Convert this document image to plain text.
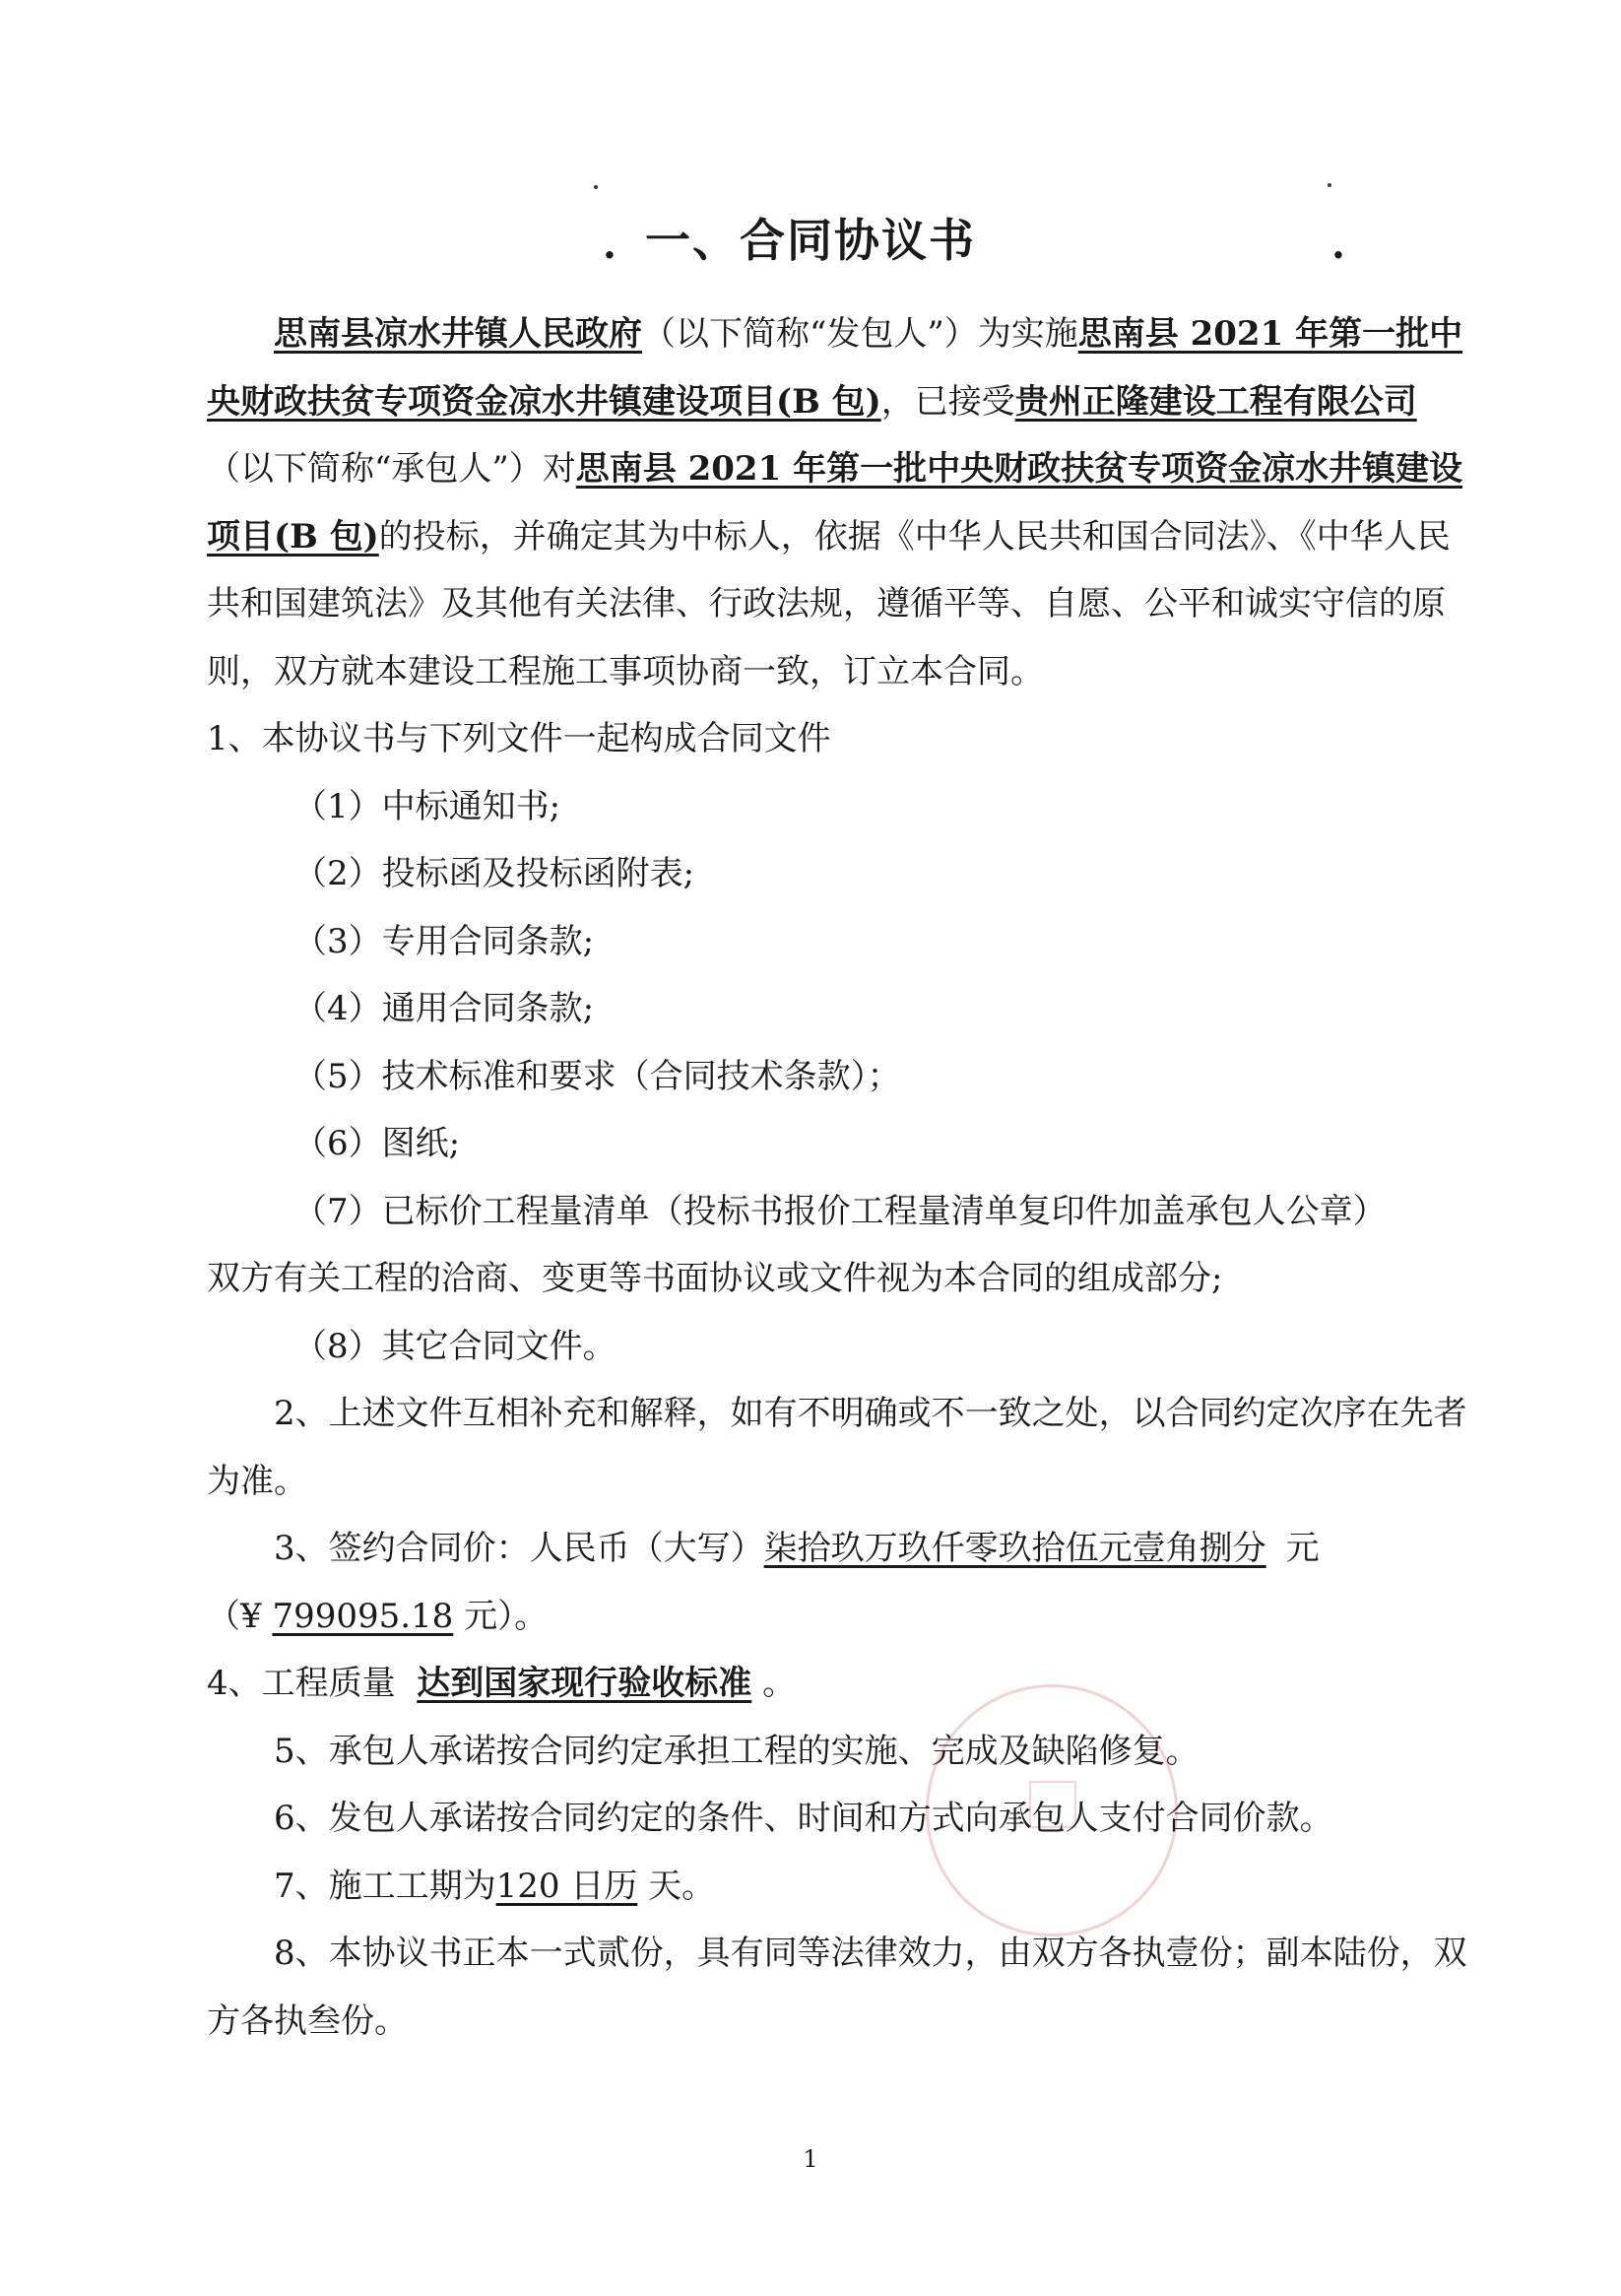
. 一、合同协议书	.

思南县凉水井镇人民政府（以下简称“发包人”）为实施思南县 2021 年第一批中央财政扶贫专项资金凉水井镇建设项目(B 包)，已接受贵州正隆建设工程有限公司（以下简称“承包人”）对思南县 2021 年第一批中央财政扶贫专项资金凉水井镇建设项目(B 包)的投标，并确定其为中标人，依据《中华人民共和国合同法》、《中华人民共和国建筑法》及其他有关法律、行政法规，遵循平等、自愿、公平和诚实守信的原则，双方就本建设工程施工事项协商一致，订立本合同。

1、本协议书与下列文件一起构成合同文件

（1）中标通知书;

（2）投标函及投标函附表;

（3）专用合同条款;

（4）通用合同条款;

（5）技术标准和要求（合同技术条款）；

（6）图纸;

（7）已标价工程量清单（投标书报价工程量清单复印件加盖承包人公章）

双方有关工程的洽商、变更等书面协议或文件视为本合同的组成部分;

（8）其它合同文件。

2、上述文件互相补充和解释，如有不明确或不一致之处，以合同约定次序在先者为准。

3、签约合同价：人民币（大写）柒拾玖万玖仟零玖拾伍元壹角捌分 元
（¥ 799095.18 元）。

4、工程质量 达到国家现行验收标准 。

5、承包人承诺按合同约定承担工程的实施、完成及缺陷修复。

6、发包人承诺按合同约定的条件、时间和方式向承包人支付合同价款。

7、施工工期为120 日历 天。

8、本协议书正本一式贰份，具有同等法律效力，由双方各执壹份；副本陆份，双方各执叁份。

1
